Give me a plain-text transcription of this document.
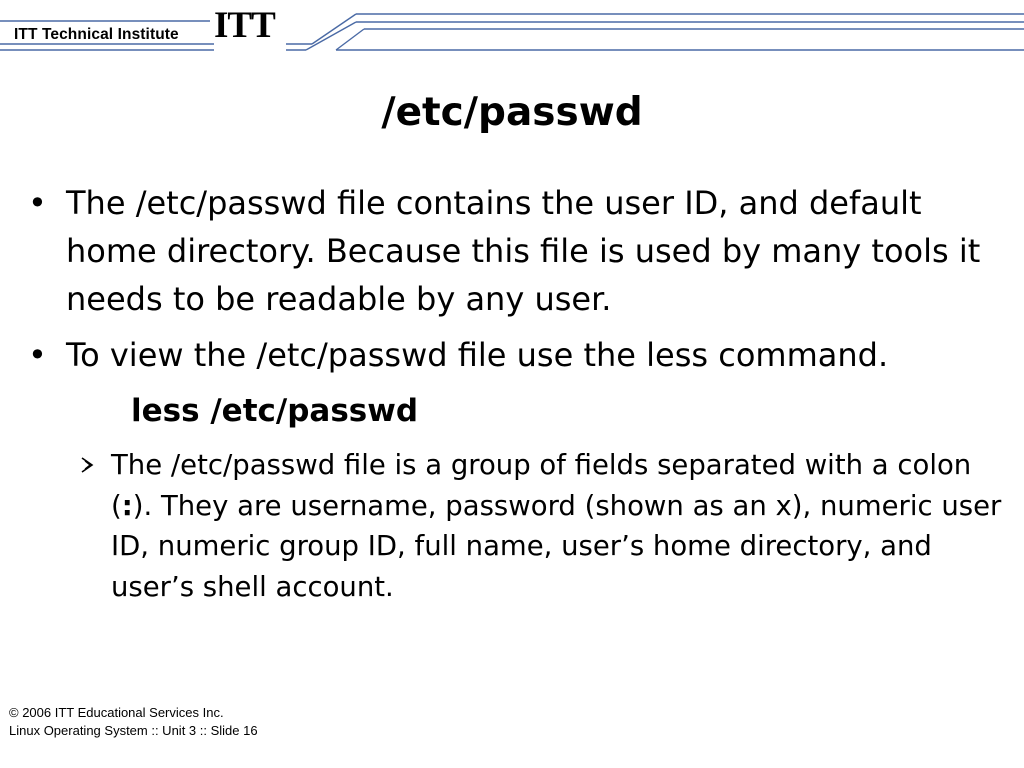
ITT Technical Institute ITT
/etc/passwd
• The /etc/passwd file contains the user ID, and default home directory. Because this file is used by many tools it needs to be readable by any user.
• To view the /etc/passwd file use the less command.
less /etc/passwd
The /etc/passwd file is a group of fields separated with a colon (:). They are username, password (shown as an x), numeric user ID, numeric group ID, full name, user’s home directory, and user’s shell account.
© 2006 ITT Educational Services Inc.
Linux Operating System :: Unit 3 :: Slide 16
